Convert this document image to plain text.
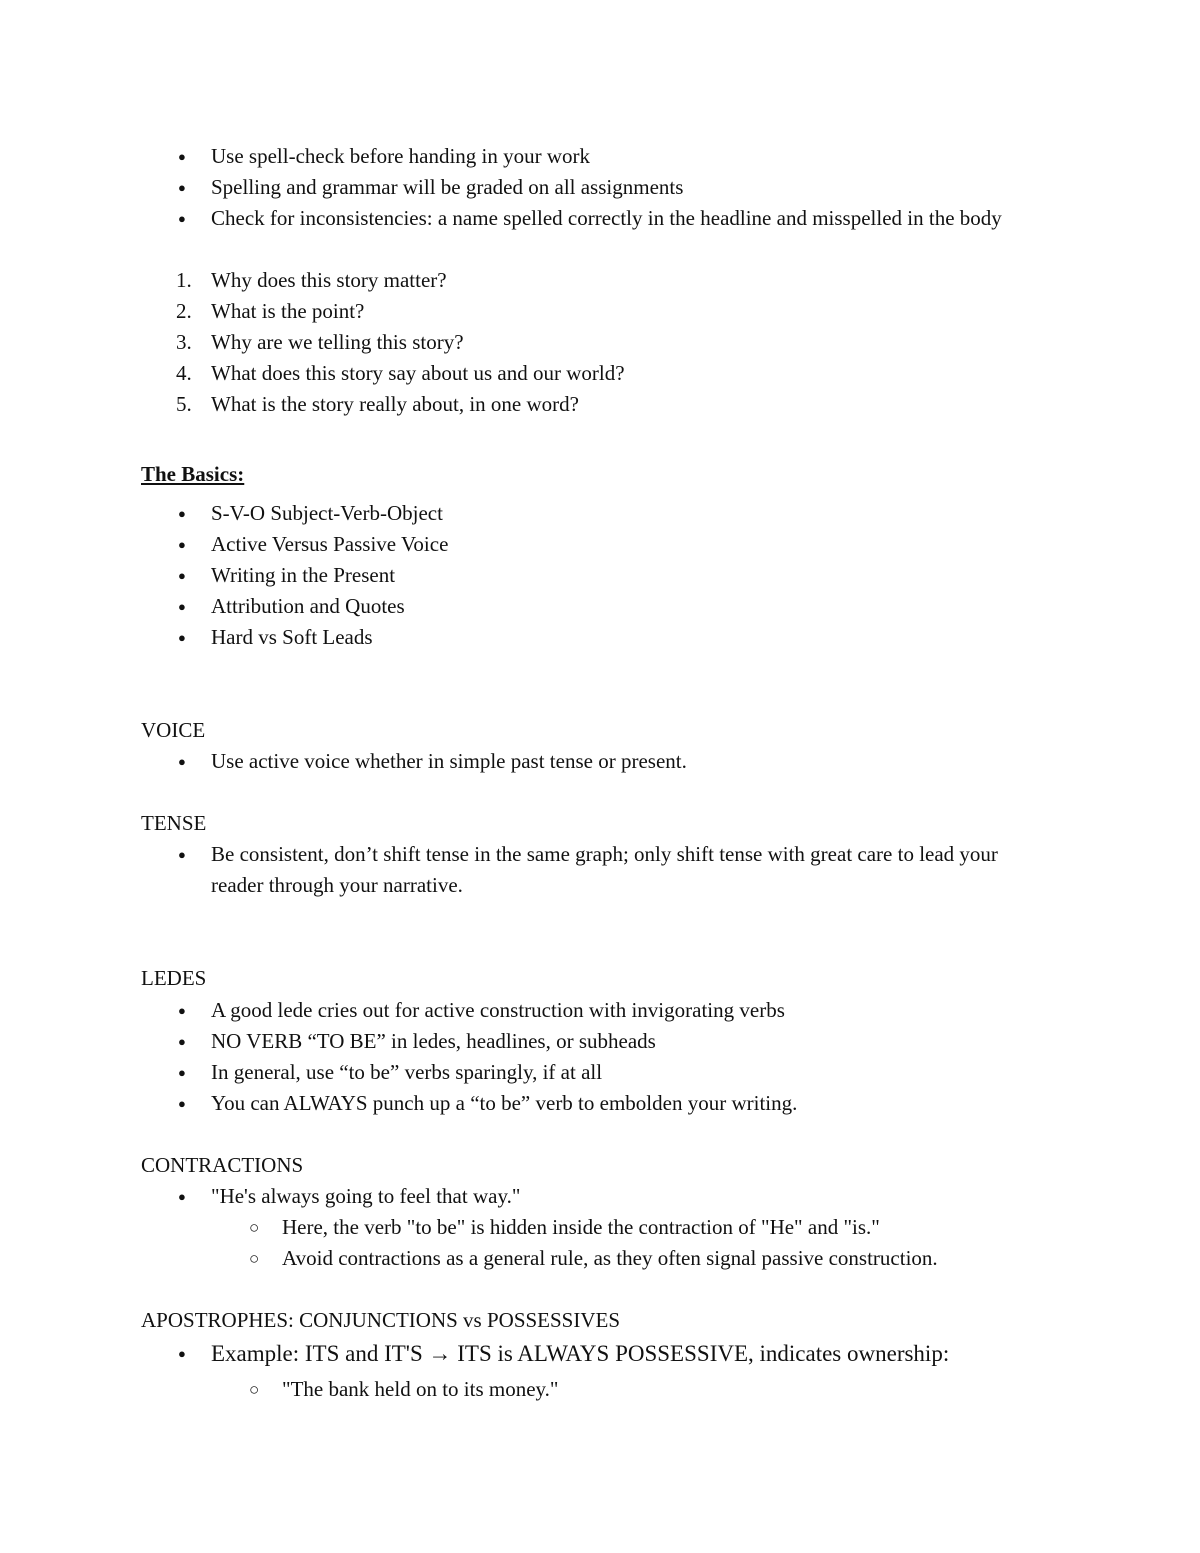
● Use spell-check before handing in your work
● Spelling and grammar will be graded on all assignments
● Check for inconsistencies: a name spelled correctly in the headline and misspelled in the body
1. Why does this story matter?
2. What is the point?
3. Why are we telling this story?
4. What does this story say about us and our world?
5. What is the story really about, in one word?
The Basics:
● S-V-O Subject-Verb-Object
● Active Versus Passive Voice
● Writing in the Present
● Attribution and Quotes
● Hard vs Soft Leads
VOICE
● Use active voice whether in simple past tense or present.
TENSE
● Be consistent, don’t shift tense in the same graph; only shift tense with great care to lead your
reader through your narrative.
LEDES
● A good lede cries out for active construction with invigorating verbs
● NO VERB “TO BE” in ledes, headlines, or subheads
● In general, use “to be” verbs sparingly, if at all
● You can ALWAYS punch up a “to be” verb to embolden your writing.
CONTRACTIONS
● "He's always going to feel that way."
○ Here, the verb "to be" is hidden inside the contraction of "He" and "is."
○ Avoid contractions as a general rule, as they often signal passive construction.
APOSTROPHES: CONJUNCTIONS vs POSSESSIVES
● Example: ITS and IT'S → ITS is ALWAYS POSSESSIVE, indicates ownership:
○ "The bank held on to its money."
